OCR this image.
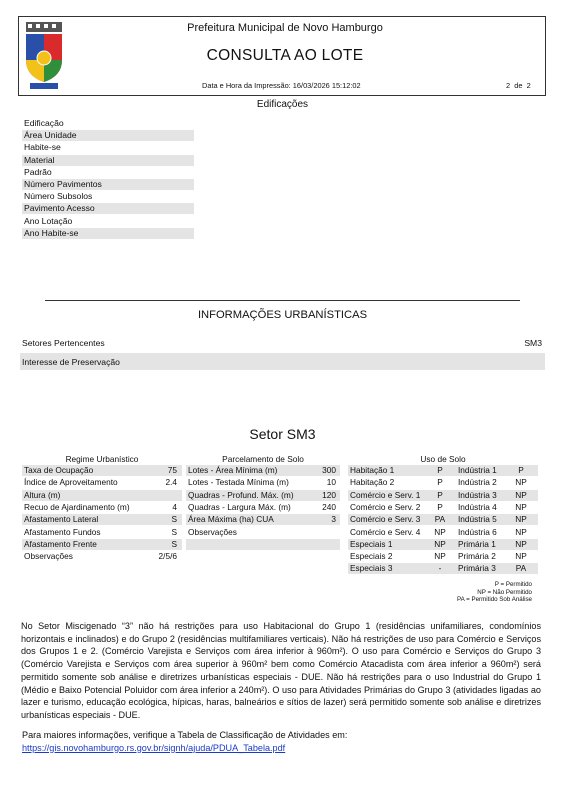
Prefeitura Municipal de Novo Hamburgo
CONSULTA AO LOTE
Data e Hora da Impressão: 16/03/2026 15:12:02	2 de 2
Edificações
Edificação
Área Unidade
Habite-se
Material
Padrão
Número Pavimentos
Número Subsolos
Pavimento Acesso
Ano Lotação
Ano Habite-se
INFORMAÇÕES URBANÍSTICAS
Setores Pertencentes	SM3
Interesse de Preservação
Setor SM3
Regime Urbanístico	Parcelamento de Solo	Uso de Solo
Taxa de Ocupação	75
Índice de Aproveitamento	2.4
Altura (m)
Recuo de Ajardinamento (m)	4
Afastamento Lateral	S
Afastamento Fundos	S
Afastamento Frente	S
Observações	2/5/6
Lotes - Área Mínima (m)	300
Lotes - Testada Mínima (m)	10
Quadras - Profund. Máx. (m)	120
Quadras - Largura Máx. (m)	240
Área Máxima (ha) CUA	3
Observações
Habitação 1	P	Indústria 1	P
Habitação 2	P	Indústria 2	NP
Comércio e Serv. 1	P	Indústria 3	NP
Comércio e Serv. 2	P	Indústria 4	NP
Comércio e Serv. 3	PA	Indústria 5	NP
Comércio e Serv. 4	NP	Indústria 6	NP
Especiais 1	NP	Primária 1	NP
Especiais 2	NP	Primária 2	NP
Especiais 3	-	Primária 3	PA
P = Permitido
NP = Não Permitido
PA = Permitido Sob Análise
No Setor Miscigenado “3” não há restrições para uso Habitacional do Grupo 1 (residências unifamiliares, condomínios horizontais e inclinados) e do Grupo 2 (residências multifamiliares verticais). Não há restrições de uso para Comércio e Serviços dos Grupos 1 e 2. (Comércio Varejista e Serviços com área inferior à 960m²). O uso para Comércio e Serviços do Grupo 3 (Comércio Varejista e Serviços com área superior à 960m² bem como Comércio Atacadista com área inferior a 960m²) será permitido somente sob análise e diretrizes urbanísticas especiais - DUE. Não há restrições para o uso Industrial do Grupo 1 (Médio e Baixo Potencial Poluidor com área inferior a 240m²). O uso para Atividades Primárias do Grupo 3 (atividades ligadas ao lazer e turismo, educação ecológica, hípicas, haras, balneários e sítios de lazer) será permitido somente sob análise e diretrizes urbanísticas especiais - DUE.
Para maiores informações, verifique a Tabela de Classificação de Atividades em:
https://gis.novohamburgo.rs.gov.br/signh/ajuda/PDUA_Tabela.pdf
